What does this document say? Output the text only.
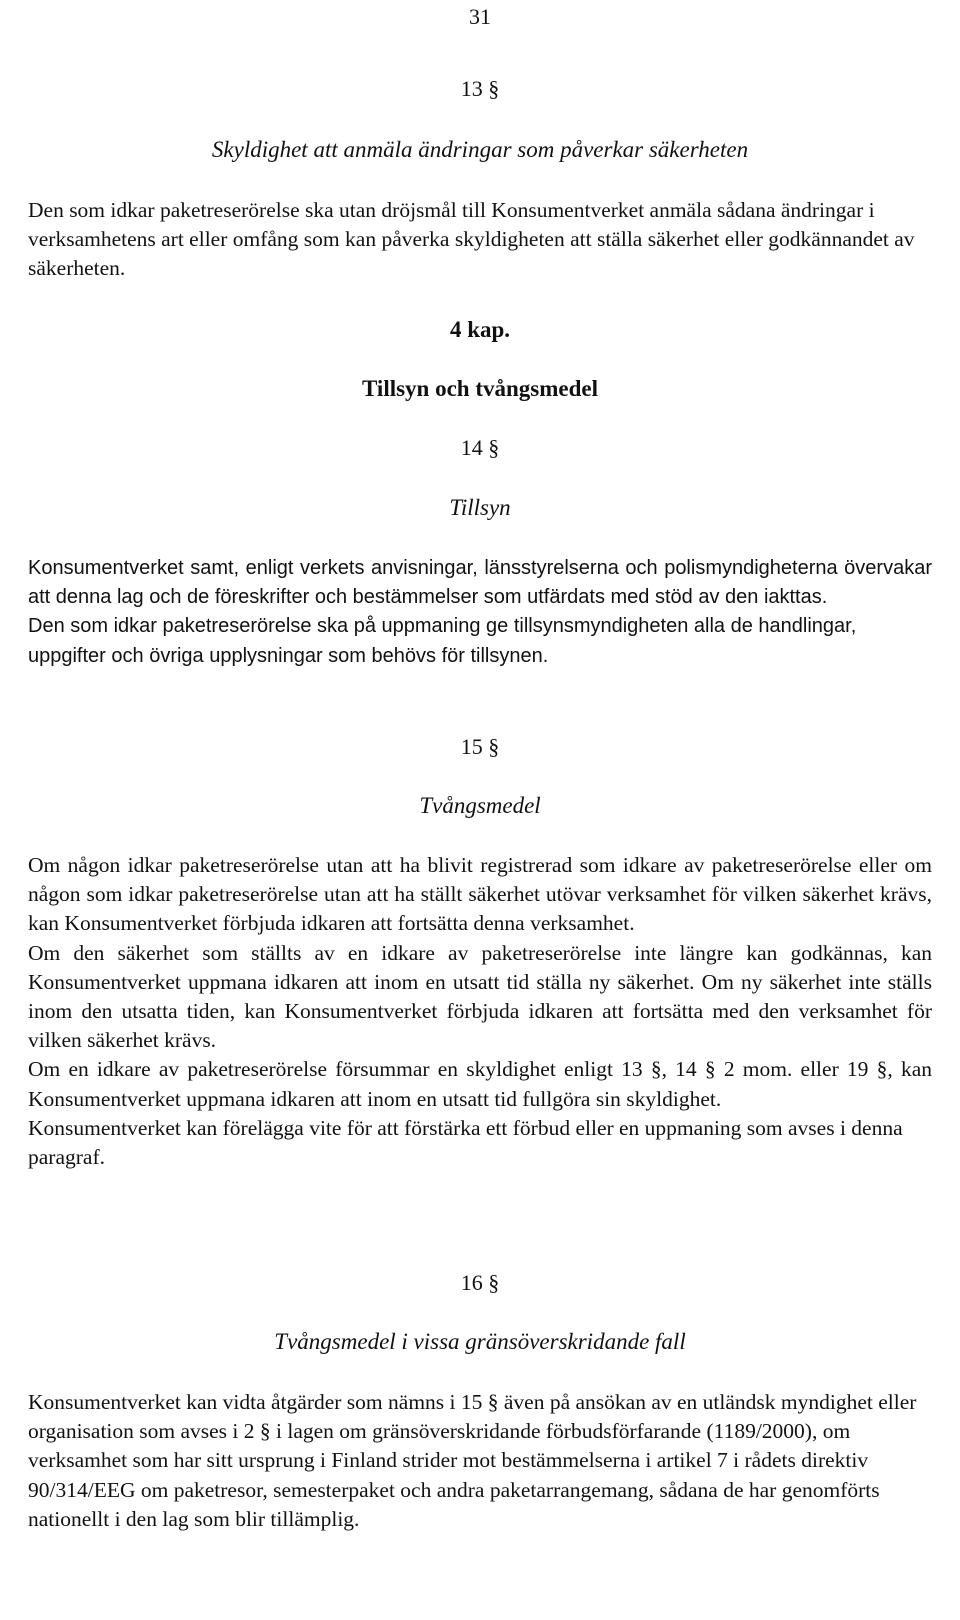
31
13 §
Skyldighet att anmäla ändringar som påverkar säkerheten

Den som idkar paketreserörelse ska utan dröjsmål till Konsumentverket anmäla sådana ändringar i verksamhetens art eller omfång som kan påverka skyldigheten att ställa säkerhet eller godkännandet av säkerheten.

4 kap.
Tillsyn och tvångsmedel
14 §
Tillsyn

Konsumentverket samt, enligt verkets anvisningar, länsstyrelserna och polismyndigheterna övervakar att denna lag och de föreskrifter och bestämmelser som utfärdats med stöd av den iakttas.

Den som idkar paketreserörelse ska på uppmaning ge tillsynsmyndigheten alla de handlingar, uppgifter och övriga upplysningar som behövs för tillsynen.

15 §
Tvångsmedel

Om någon idkar paketreserörelse utan att ha blivit registrerad som idkare av paketreserörelse eller om någon som idkar paketreserörelse utan att ha ställt säkerhet utövar verksamhet för vilken säkerhet krävs, kan Konsumentverket förbjuda idkaren att fortsätta denna verksamhet.

Om den säkerhet som ställts av en idkare av paketreserörelse inte längre kan godkännas, kan Konsumentverket uppmana idkaren att inom en utsatt tid ställa ny säkerhet. Om ny säkerhet inte ställs inom den utsatta tiden, kan Konsumentverket förbjuda idkaren att fortsätta med den verksamhet för vilken säkerhet krävs.

Om en idkare av paketreserörelse försummar en skyldighet enligt 13 §, 14 § 2 mom. eller 19 §, kan Konsumentverket uppmana idkaren att inom en utsatt tid fullgöra sin skyldighet.

Konsumentverket kan förelägga vite för att förstärka ett förbud eller en uppmaning som avses i denna paragraf.

16 §
Tvångsmedel i vissa gränsöverskridande fall

Konsumentverket kan vidta åtgärder som nämns i 15 § även på ansökan av en utländsk myndighet eller organisation som avses i 2 § i lagen om gränsöverskridande förbudsförfarande (1189/2000), om verksamhet som har sitt ursprung i Finland strider mot bestämmelserna i artikel 7 i rådets direktiv 90/314/EEG om paketresor, semesterpaket och andra paketarrangemang, sådana de har genomförts nationellt i den lag som blir tillämplig.
